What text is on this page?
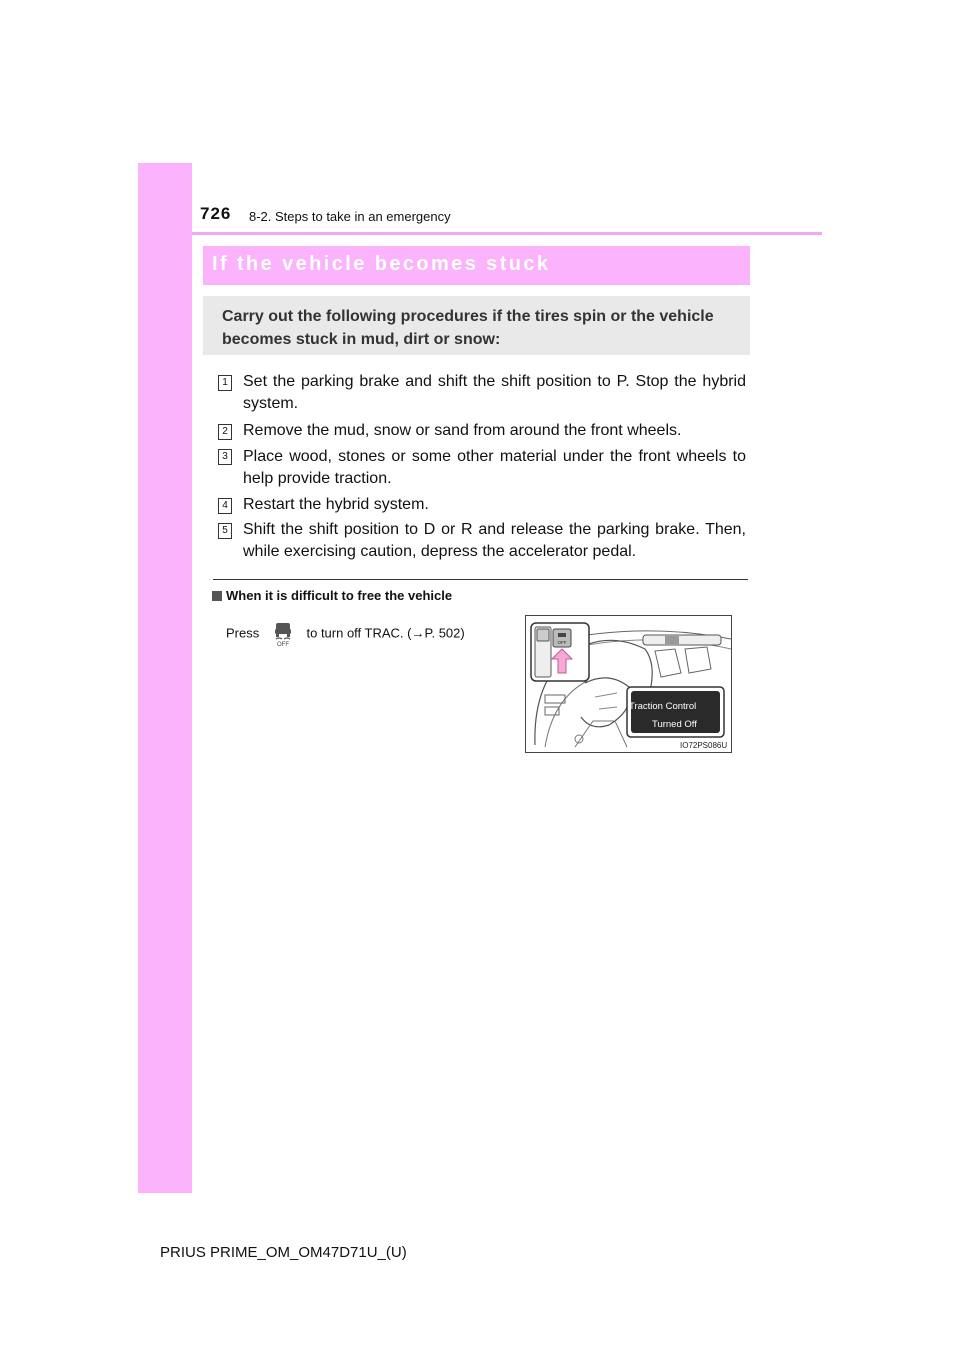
726 8-2. Steps to take in an emergency
If the vehicle becomes stuck
Carry out the following procedures if the tires spin or the vehicle becomes stuck in mud, dirt or snow:
1 Set the parking brake and shift the shift position to P. Stop the hybrid system.
2 Remove the mud, snow or sand from around the front wheels.
3 Place wood, stones or some other material under the front wheels to help provide traction.
4 Restart the hybrid system.
5 Shift the shift position to D or R and release the parking brake. Then, while exercising caution, depress the accelerator pedal.
When it is difficult to free the vehicle
Press
OFF
to turn off TRAC. (→P. 502)
OFF
Traction Control
Turned Off
IO72PS086U
PRIUS PRIME_OM_OM47D71U_(U)
